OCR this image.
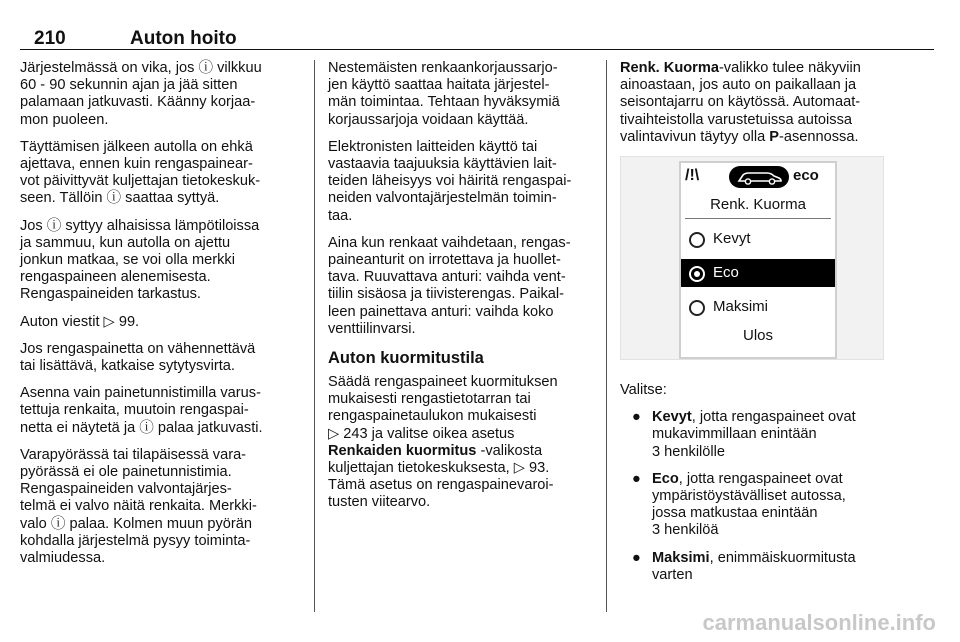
210	Auton hoito

Järjestelmässä on vika, jos ⓘ vilkkuu
60 - 90 sekunnin ajan ja jää sitten
palamaan jatkuvasti. Käänny korjaa-
mon puoleen.

Täyttämisen jälkeen autolla on ehkä
ajettava, ennen kuin rengaspainear-
vot päivittyvät kuljettajan tietokeskuk-
seen. Tällöin ⓘ saattaa syttyä.

Jos ⓘ syttyy alhaisissa lämpötiloissa
ja sammuu, kun autolla on ajettu
jonkun matkaa, se voi olla merkki
rengaspaineen alenemisesta.
Rengaspaineiden tarkastus.

Auton viestit ▷ 99.

Jos rengaspainetta on vähennettävä
tai lisättävä, katkaise sytytysvirta.

Asenna vain painetunnistimilla varus-
tettuja renkaita, muutoin rengaspai-
netta ei näytetä ja ⓘ palaa jatkuvasti.

Varapyörässä tai tilapäisessä vara-
pyörässä ei ole painetunnistimia.
Rengaspaineiden valvontajärjes-
telmä ei valvo näitä renkaita. Merkki-
valo ⓘ palaa. Kolmen muun pyörän
kohdalla järjestelmä pysyy toiminta-
valmiudessa.

Nestemäisten renkaankorjaussarjo-
jen käyttö saattaa haitata järjestel-
män toimintaa. Tehtaan hyväksymiä
korjaussarjoja voidaan käyttää.

Elektronisten laitteiden käyttö tai
vastaavia taajuuksia käyttävien lait-
teiden läheisyys voi häiritä rengaspai-
neiden valvontajärjestelmän toimin-
taa.

Aina kun renkaat vaihdetaan, rengas-
paineanturit on irrotettava ja huollet-
tava. Ruuvattava anturi: vaihda vent-
tiilin sisäosa ja tiivisterengas. Paikal-
leen painettava anturi: vaihda koko
venttiilinvarsi.

Auton kuormitustila

Säädä rengaspaineet kuormituksen
mukaisesti rengastietotarran tai
rengaspainetaulukon mukaisesti
▷ 243 ja valitse oikea asetus
Renkaiden kuormitus -valikosta
kuljettajan tietokeskuksesta, ▷ 93.
Tämä asetus on rengaspainevaroi-
tusten viitearvo.

Renk. Kuorma-valikko tulee näkyviin
ainoastaan, jos auto on paikallaan ja
seisontajarru on käytössä. Automaat-
tivaihteistolla varustetuissa autoissa
valintavivun täytyy olla P-asennossa.

/!\	eco
Renk. Kuorma
Kevyt
Eco
Maksimi
Ulos

Valitse:

● Kevyt, jotta rengaspaineet ovat
mukavimmillaan enintään
3 henkilölle
● Eco, jotta rengaspaineet ovat
ympäristöystävälliset autossa,
jossa matkustaa enintään
3 henkilöä
● Maksimi, enimmäiskuormitusta
varten
carmanualsonline.info
